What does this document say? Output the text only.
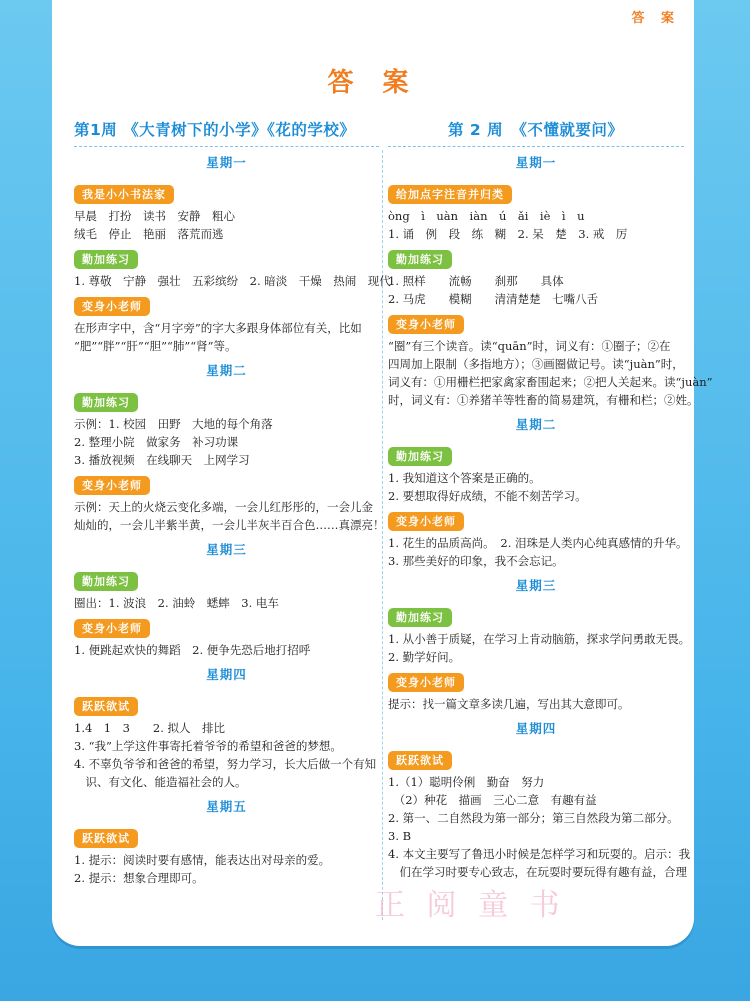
答 案
答 案
第1周 《大青树下的小学》《花的学校》
星期一
我是小小书法家
早晨　打扮　读书　安静　粗心
绒毛　停止　艳丽　落荒而逃
勤加练习
1. 尊敬　宁静　强壮　五彩缤纷　2. 暗淡　干燥　热闹　现代
变身小老师
在形声字中，含“月字旁”的字大多跟身体部位有关，比如
“肥”“胖”“肝”“胆”“肺”“肾”等。
星期二
勤加练习
示例：1. 校园　田野　大地的每个角落
2. 整理小院　做家务　补习功课
3. 播放视频　在线聊天　上网学习
变身小老师
示例：天上的火烧云变化多端，一会儿红彤彤的，一会儿金
灿灿的，一会儿半紫半黄，一会儿半灰半百合色……真漂亮！
星期三
勤加练习
圈出：1. 波浪　2. 油蛉　蟋蟀　3. 电车
变身小老师
1. 便跳起欢快的舞蹈　2. 便争先恐后地打招呼
星期四
跃跃欲试
1.4　1　3　　2. 拟人　排比
3. “我”上学这件事寄托着爷爷的希望和爸爸的梦想。
4. 不辜负爷爷和爸爸的希望，努力学习，长大后做一个有知
　识、有文化、能造福社会的人。
星期五
跃跃欲试
1. 提示：阅读时要有感情，能表达出对母亲的爱。
2. 提示：想象合理即可。
第 2 周　《不懂就要问》
星期一
给加点字注音并归类
òng　ì　uàn　iàn　ú　ǎi　iè　ì　u
1. 诵　例　段　练　糊　2. 呆　楚　3. 戒　厉
勤加练习
1. 照样　　流畅　　刹那　　具体
2. 马虎　　模糊　　清清楚楚　七嘴八舌
变身小老师
“圈”有三个读音。读“quān”时，词义有：①圈子；②在
四周加上限制（多指地方）；③画圈做记号。读“juàn”时，
词义有：①用栅栏把家禽家畜围起来；②把人关起来。读“juàn”
时，词义有：①养猪羊等牲畜的简易建筑，有栅和栏；②姓。
星期二
勤加练习
1. 我知道这个答案是正确的。
2. 要想取得好成绩，不能不刻苦学习。
变身小老师
1. 花生的品质高尚。　2. 泪珠是人类内心纯真感情的升华。
3. 那些美好的印象，我不会忘记。
星期三
勤加练习
1. 从小善于质疑，在学习上肯动脑筋，探求学问勇敢无畏。
2. 勤学好问。
变身小老师
提示：找一篇文章多读几遍，写出其大意即可。
星期四
跃跃欲试
1.（1）聪明伶俐　勤奋　努力
　（2）种花　描画　三心二意　有趣有益
2. 第一、二自然段为第一部分；第三自然段为第二部分。
3. B
4. 本文主要写了鲁迅小时候是怎样学习和玩耍的。启示：我
　们在学习时要专心致志，在玩耍时要玩得有趣有益，合理
正 阅 童 书
